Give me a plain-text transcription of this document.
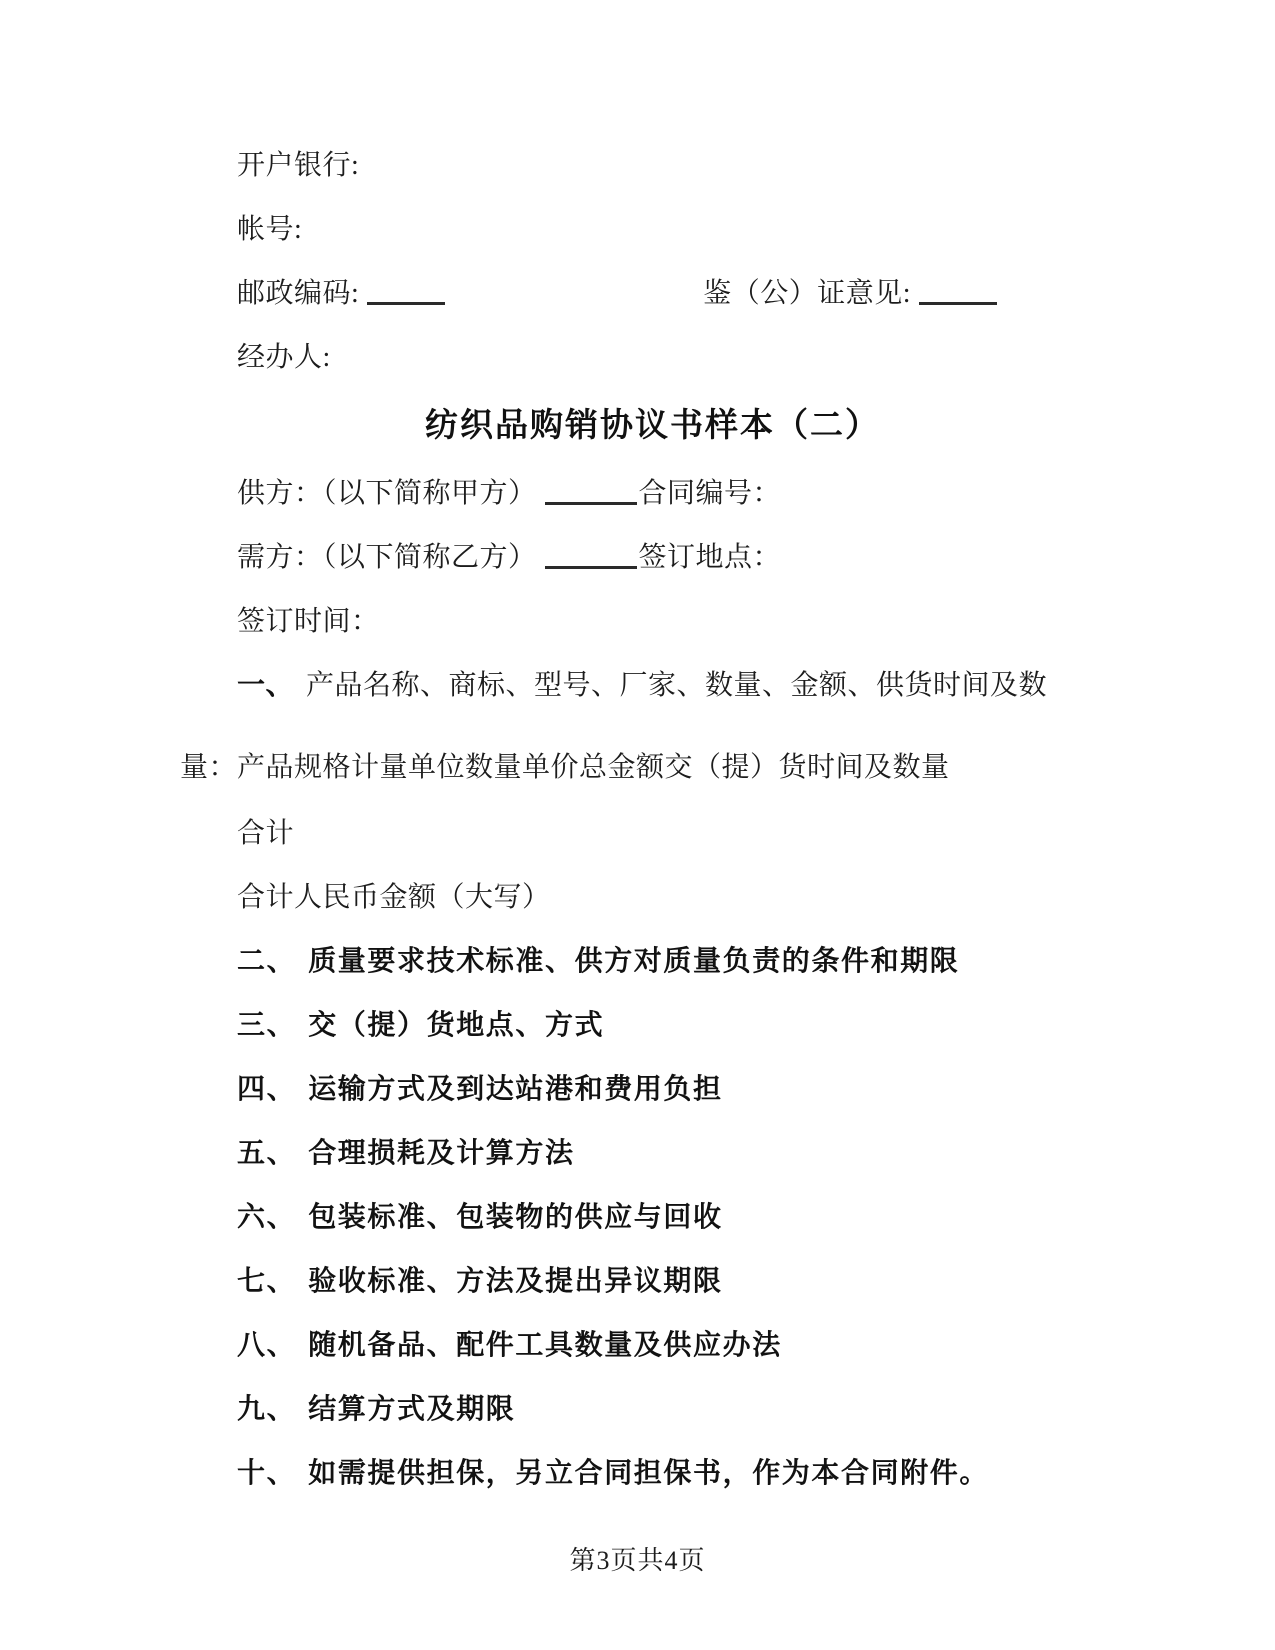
开户银行:

帐号:

邮政编码:	鉴（公）证意见:

经办人:

纺织品购销协议书样本（二）

供方：（以下简称甲方）	合同编号：

需方：（以下简称乙方）	签订地点：

签订时间：

一、 产品名称、商标、型号、厂家、数量、金额、供货时间及数

量：产品规格计量单位数量单价总金额交（提）货时间及数量

合计

合计人民币金额（大写）

二、 质量要求技术标准、供方对质量负责的条件和期限

三、 交（提）货地点、方式

四、 运输方式及到达站港和费用负担

五、 合理损耗及计算方法

六、 包装标准、包装物的供应与回收

七、 验收标准、方法及提出异议期限

八、 随机备品、配件工具数量及供应办法

九、 结算方式及期限

十、 如需提供担保，另立合同担保书，作为本合同附件。

第3页共4页
